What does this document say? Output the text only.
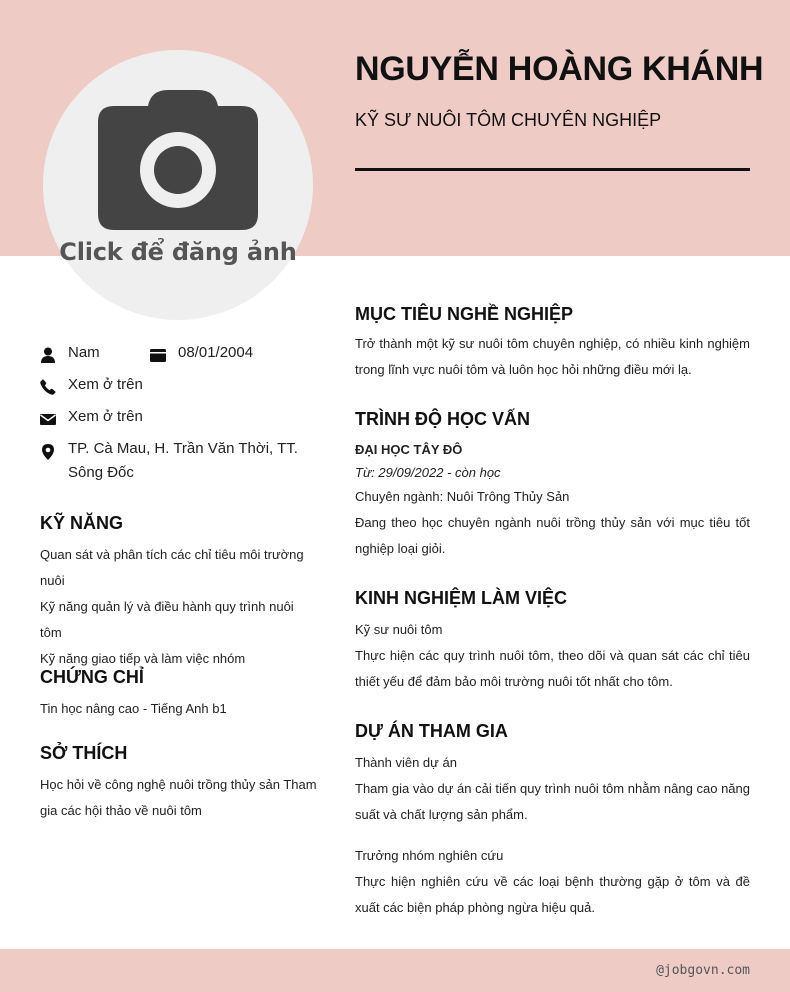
Click để đăng ảnh
NGUYỄN HOÀNG KHÁNH
KỸ SƯ NUÔI TÔM CHUYÊN NGHIỆP
Nam	08/01/2004
Xem ở trên
Xem ở trên
TP. Cà Mau, H. Trần Văn Thời, TT. Sông Đốc
KỸ NĂNG
Quan sát và phân tích các chỉ tiêu môi trường nuôi
Kỹ năng quản lý và điều hành quy trình nuôi tôm
Kỹ năng giao tiếp và làm việc nhóm
CHỨNG CHỈ
Tin học nâng cao - Tiếng Anh b1
SỞ THÍCH
Học hỏi về công nghệ nuôi trồng thủy sản Tham gia các hội thảo về nuôi tôm
MỤC TIÊU NGHỀ NGHIỆP
Trở thành một kỹ sư nuôi tôm chuyên nghiệp, có nhiều kinh nghiệm trong lĩnh vực nuôi tôm và luôn học hỏi những điều mới lạ.
TRÌNH ĐỘ HỌC VẤN
ĐẠI HỌC TÂY ĐÔ
Từ: 29/09/2022 - còn học
Chuyên ngành: Nuôi Trông Thủy Sản
Đang theo học chuyên ngành nuôi trồng thủy sản với mục tiêu tốt nghiệp loại giỏi.
KINH NGHIỆM LÀM VIỆC
Kỹ sư nuôi tôm
Thực hiện các quy trình nuôi tôm, theo dõi và quan sát các chỉ tiêu thiết yếu để đảm bảo môi trường nuôi tốt nhất cho tôm.
DỰ ÁN THAM GIA
Thành viên dự án
Tham gia vào dự án cải tiến quy trình nuôi tôm nhằm nâng cao năng suất và chất lượng sản phẩm.
Trưởng nhóm nghiên cứu
Thực hiện nghiên cứu về các loại bệnh thường gặp ở tôm và đề xuất các biện pháp phòng ngừa hiệu quả.
@jobgovn.com
